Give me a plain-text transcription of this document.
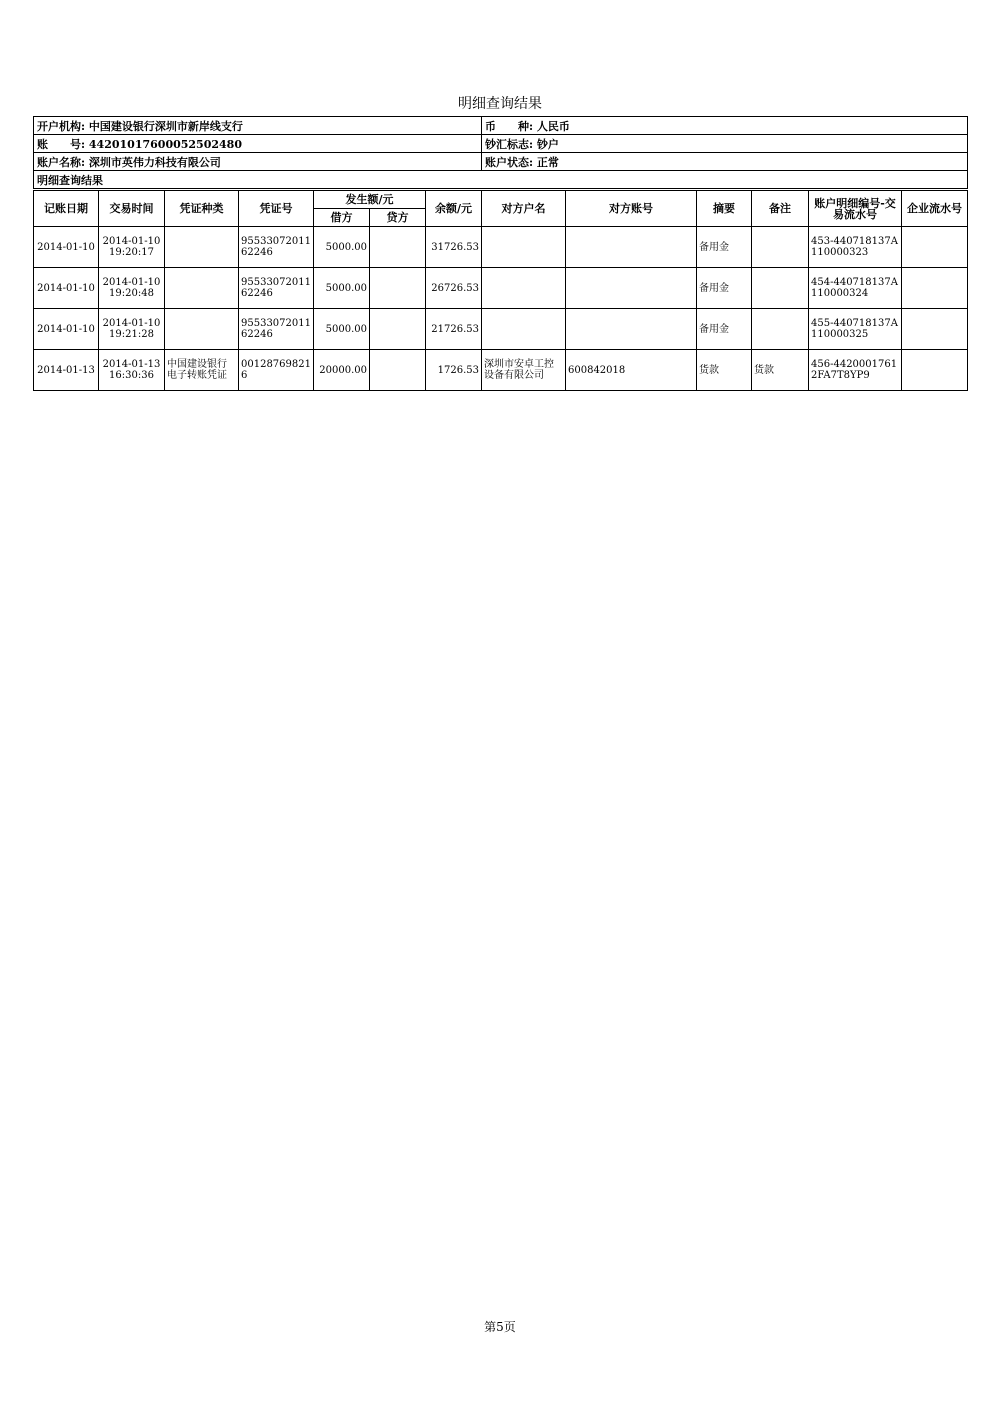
明细查询结果
开户机构: 中国建设银行深圳市新岸线支行	币　　种: 人民币
账　　号: 44201017600052502480	钞汇标志: 钞户
账户名称: 深圳市英伟力科技有限公司	账户状态: 正常
明细查询结果	
记账日期	交易时间	凭证种类	凭证号	发生额/元		余额/元	对方户名	对方账号	摘要	备注	账户明细编号-交易流水号	企业流水号
				借方	贷方							
2014-01-10	2014-01-10 19:20:17		9553307201162246	5000.00		31726.53			备用金		453-440718137A110000323	
2014-01-10	2014-01-10 19:20:48		9553307201162246	5000.00		26726.53			备用金		454-440718137A110000324	
2014-01-10	2014-01-10 19:21:28		9553307201162246	5000.00		21726.53			备用金		455-440718137A110000325	
2014-01-13	2014-01-13 16:30:36	中国建设银行电子转账凭证	001287698216	20000.00		1726.53	深圳市安卓工控设备有限公司	600842018	货款	货款	456-44200017612FA7T8YP9	
第5页
